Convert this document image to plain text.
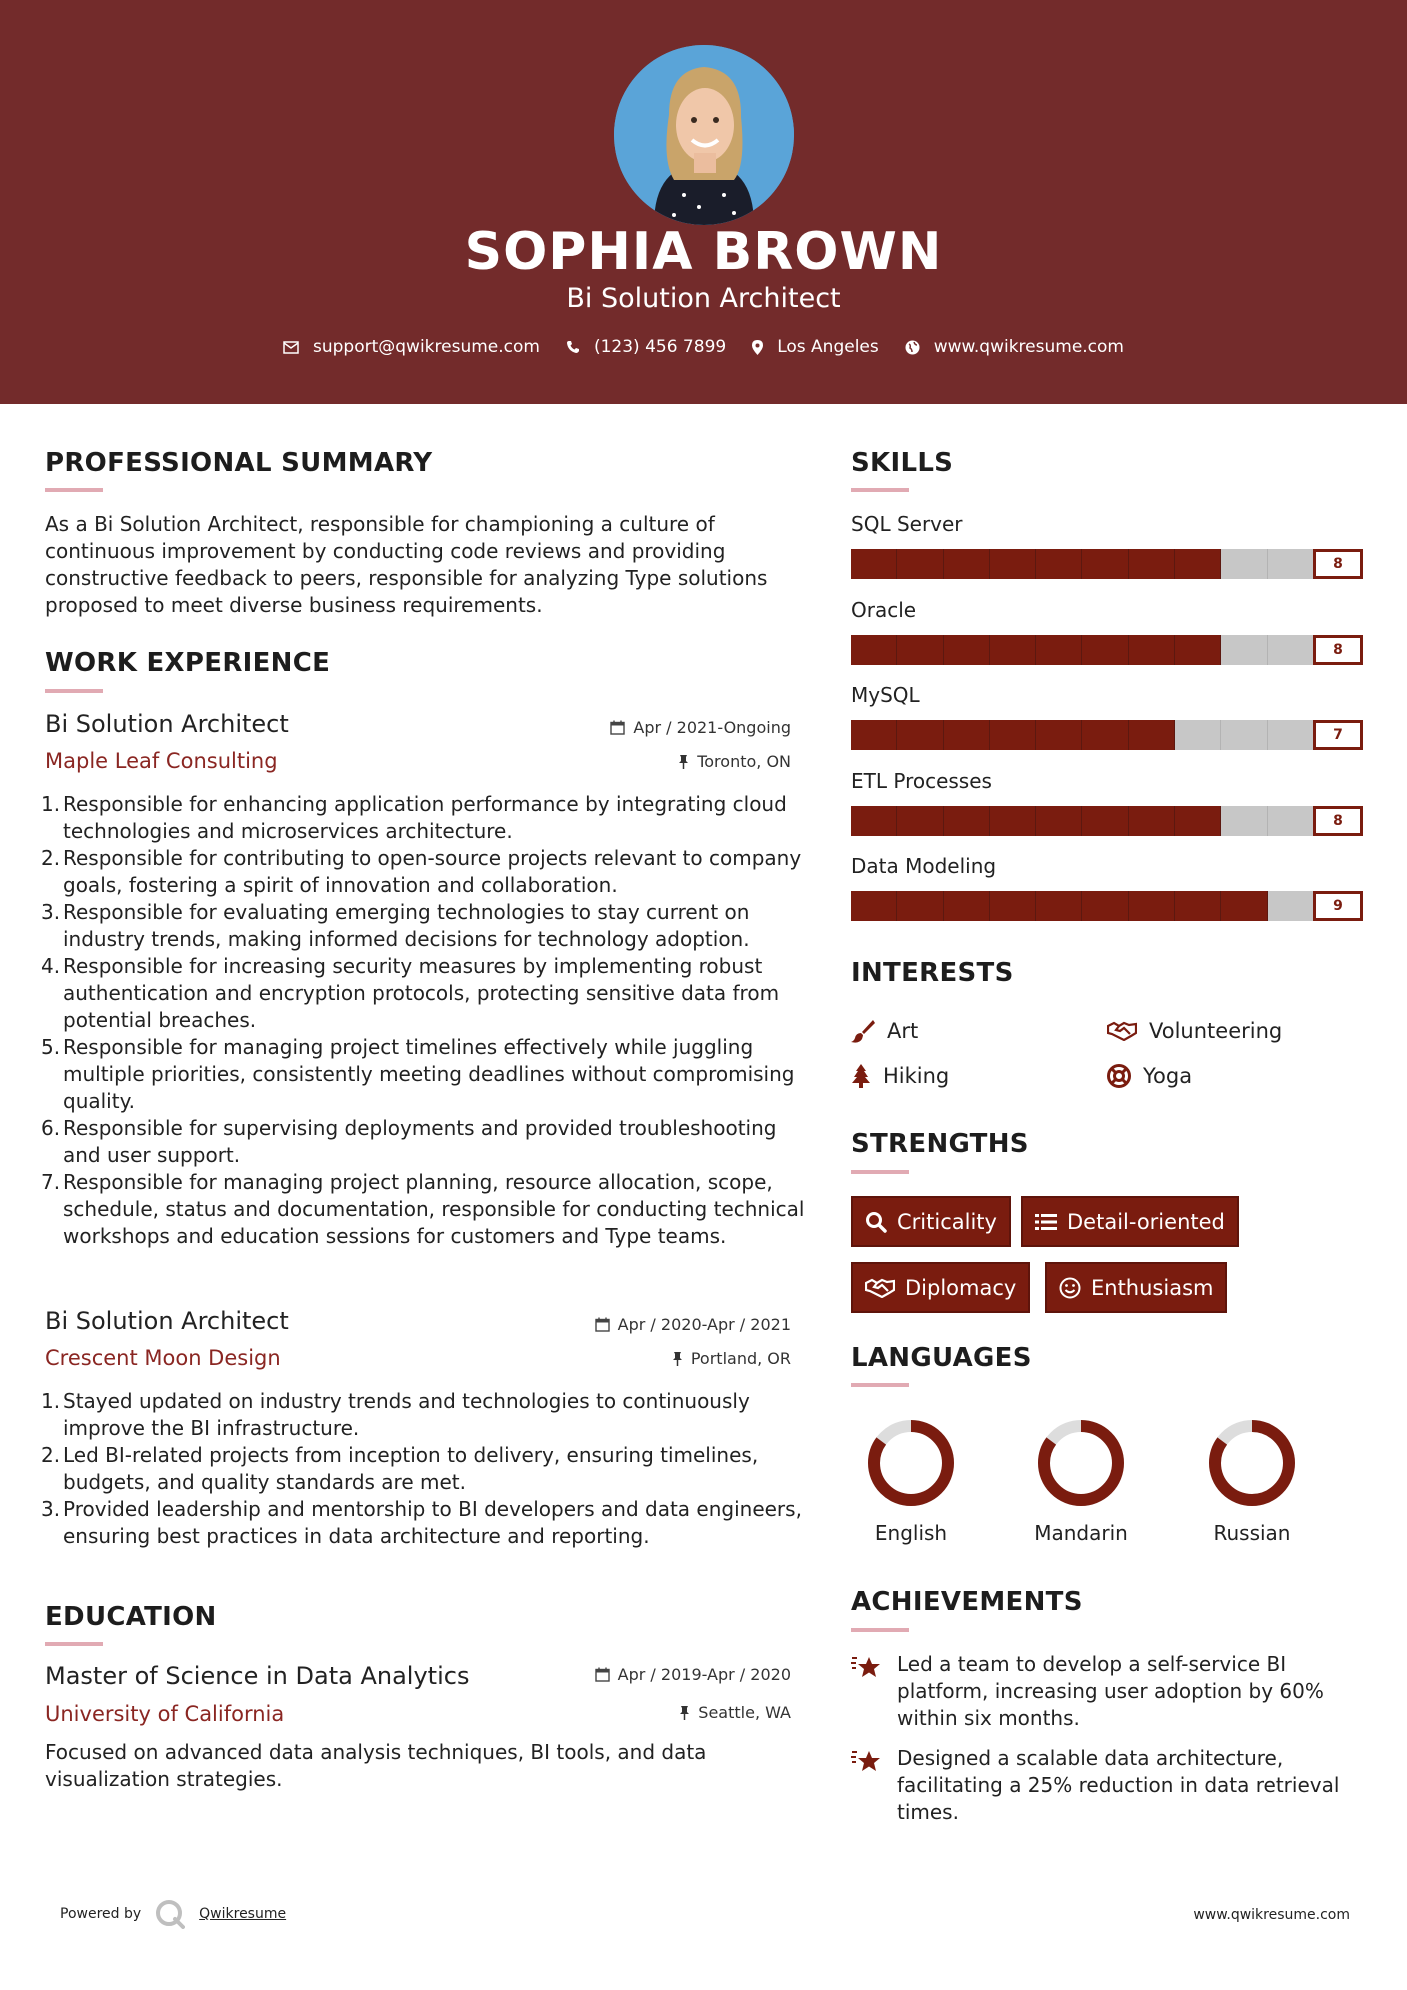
SOPHIA BROWN
Bi Solution Architect
support@qwikresume.com	(123) 456 7899	Los Angeles	www.qwikresume.com
PROFESSIONAL SUMMARY
As a Bi Solution Architect, responsible for championing a culture of continuous improvement by conducting code reviews and providing constructive feedback to peers, responsible for analyzing Type solutions proposed to meet diverse business requirements.
WORK EXPERIENCE
Bi Solution Architect
Maple Leaf Consulting
Apr / 2021-Ongoing
Toronto, ON
1. Responsible for enhancing application performance by integrating cloud technologies and microservices architecture.
2. Responsible for contributing to open-source projects relevant to company goals, fostering a spirit of innovation and collaboration.
3. Responsible for evaluating emerging technologies to stay current on industry trends, making informed decisions for technology adoption.
4. Responsible for increasing security measures by implementing robust authentication and encryption protocols, protecting sensitive data from potential breaches.
5. Responsible for managing project timelines effectively while juggling multiple priorities, consistently meeting deadlines without compromising quality.
6. Responsible for supervising deployments and provided troubleshooting and user support.
7. Responsible for managing project planning, resource allocation, scope, schedule, status and documentation, responsible for conducting technical workshops and education sessions for customers and Type teams.
Bi Solution Architect
Crescent Moon Design
Apr / 2020-Apr / 2021
Portland, OR
1. Stayed updated on industry trends and technologies to continuously improve the BI infrastructure.
2. Led BI-related projects from inception to delivery, ensuring timelines, budgets, and quality standards are met.
3. Provided leadership and mentorship to BI developers and data engineers, ensuring best practices in data architecture and reporting.
EDUCATION
Master of Science in Data Analytics
University of California
Apr / 2019-Apr / 2020
Seattle, WA
Focused on advanced data analysis techniques, BI tools, and data visualization strategies.
SKILLS
SQL Server
8
Oracle
8
MySQL
7
ETL Processes
8
Data Modeling
9
INTERESTS
Art	Volunteering
Hiking	Yoga
STRENGTHS
Criticality	Detail-oriented
Diplomacy	Enthusiasm
LANGUAGES
English	Mandarin	Russian
ACHIEVEMENTS
Led a team to develop a self-service BI platform, increasing user adoption by 60% within six months.
Designed a scalable data architecture, facilitating a 25% reduction in data retrieval times.
Powered by	Qwikresume	www.qwikresume.com
